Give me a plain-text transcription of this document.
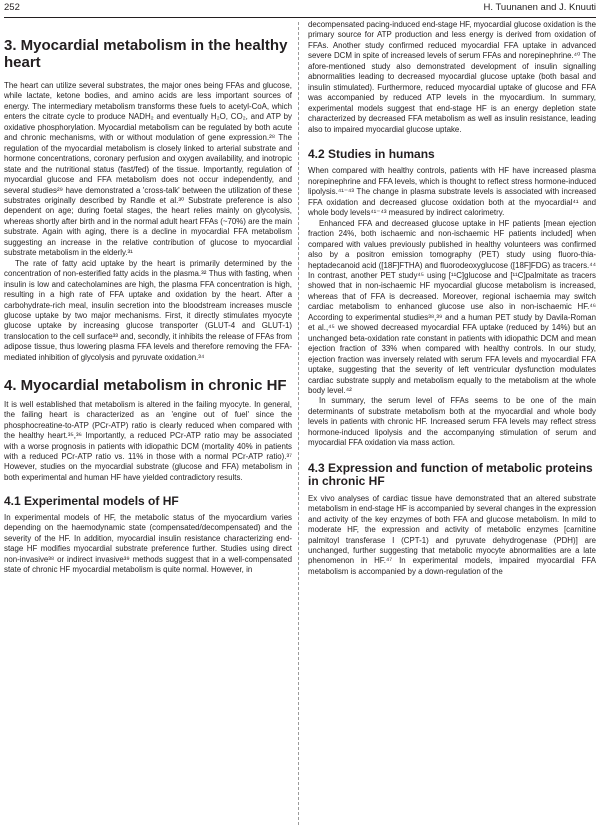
252	H. Tuunanen and J. Knuuti
3. Myocardial metabolism in the healthy heart

The heart can utilize several substrates, the major ones being FFAs and glucose, while lactate, ketone bodies, and amino acids are less important sources of energy. The intermediary metabolism transforms these fuels to acetyl-CoA, which enters the citrate cycle to produce NADH₂ and eventually H₂O, CO₂, and ATP by oxidative phosphorylation. Myocardial metabolism can be regulated by both acute and chronic mechanisms, with or without modulation of gene expression.²⁸ The regulation of the myocardial metabolism is closely linked to arterial substrate and hormone concentrations, coronary perfusion and oxygen availability, and inotropic state and the nutritional status (fast/fed) of the tissue. Importantly, regulation of myocardial glucose and FFA metabolism does not occur independently, and several studies²⁹ have demonstrated a 'cross-talk' between the utilization of these substrates originally described by Randle et al.³⁰ Substrate preference is also dependent on age; during foetal stages, the heart relies mainly on glycolysis, whereas shortly after birth and in the normal adult heart FFAs (~70%) are the main substrate. Again with aging, there is a decline in myocardial FFA metabolism suggesting an increase in the relative contribution of glucose to myocardial substrate metabolism in the elderly.³¹

The rate of fatty acid uptake by the heart is primarily determined by the concentration of non-esterified fatty acids in the plasma.³² Thus with fasting, when insulin is low and catecholamines are high, the plasma FFA concentration is high, resulting in a high rate of FFA uptake and oxidation by the heart. After a carbohydrate-rich meal, insulin secretion into the bloodstream increases muscle glucose uptake by two major mechanisms. First, it directly stimulates myocyte glucose uptake by increasing glucose transporter (GLUT-4 and GLUT-1) translocation to the cell surface³³ and, secondly, it inhibits the release of FFAs from adipose tissue, thus lowering plasma FFA levels and therefore removing the FFA-mediated inhibition of glycolysis and pyruvate oxidation.³⁴

4. Myocardial metabolism in chronic HF

It is well established that metabolism is altered in the failing myocyte. In general, the failing heart is characterized as an 'engine out of fuel' since the phosphocreatine-to-ATP (PCr-ATP) ratio is clearly reduced when compared with the healthy heart.³⁵,³⁶ Importantly, a reduced PCr-ATP ratio may be associated with a worse prognosis in patients with idiopathic DCM (mortality 40% in patients with a reduced PCr-ATP ratio vs. 11% in those with a normal PCr-ATP ratio).³⁷ However, studies on the myocardial substrate (glucose and FFA) metabolism in both experimental and human HF have yielded contradictory results.

4.1 Experimental models of HF

In experimental models of HF, the metabolic status of the myocardium varies depending on the haemodynamic state (compensated/decompensated) and the severity of the HF. In addition, myocardial insulin resistance characterizing end-stage HF modifies myocardial substrate preference further. Studies using direct non-invasive³⁸ or indirect invasive³⁹ methods suggest that in a well-compensated state of chronic HF myocardial metabolism is quite normal. However, in

decompensated pacing-induced end-stage HF, myocardial glucose oxidation is the primary source for ATP production and less energy is derived from oxidation of FFAs. Another study confirmed reduced myocardial FFA uptake in advanced severe DCM in spite of increased levels of serum FFAs and norepinephrine.⁴⁰ The afore-mentioned study also demonstrated development of insulin signalling abnormalities leading to decreased myocardial glucose uptake (both basal and insulin stimulated). Furthermore, reduced myocardial uptake of glucose and FFA was accompanied by reduced ATP levels in the myocardium. In summary, experimental models suggest that end-stage HF is an energy depletion state characterized by decreased FFA metabolism as well as insulin resistance, leading also to impaired myocardial glucose uptake.

4.2 Studies in humans

When compared with healthy controls, patients with HF have increased plasma norepinephrine and FFA levels, which is thought to reflect stress hormone-induced lipolysis.⁴¹⁻⁴³ The change in plasma substrate levels is associated with increased FFA oxidation and decreased glucose oxidation both at the myocardial⁴¹ and whole body levels⁴¹⁻⁴³ measured by indirect calorimetry.

Enhanced FFA and decreased glucose uptake in HF patients [mean ejection fraction 24%, both ischaemic and non-ischaemic HF patients included] when compared with values previously published in healthy volunteers was confirmed also by a positron emission tomography (PET) study using fluoro-thia-heptadecanoid acid ([18F]FTHA) and fluorodeoxyglucose ([18F]FDG) as tracers.⁴⁴ In contrast, another PET study⁴⁵ using [¹¹C]glucose and [¹¹C]palmitate as tracers showed that in non-ischaemic HF myocardial glucose metabolism is increased, whereas that of FFA is decreased. Moreover, regional ischaemia may switch cardiac metabolism to enhanced glucose use also in non-ischaemic HF.⁴⁶ According to experimental studies³⁸,³⁹ and a human PET study by Davila-Roman et al.,⁴⁵ we showed decreased myocardial FFA uptake (reduced by 14%) but an unchanged beta-oxidation rate constant in patients with idiopathic DCM and mean ejection fraction of 33% when compared with healthy controls. In our study, ejection fraction was inversely related with serum FFA levels and myocardial FFA uptake, suggesting that the severity of left ventricular dysfunction modulates cardiac substrate supply and metabolism equally to the metabolism at the whole body level.⁴²

In summary, the serum level of FFAs seems to be one of the main determinants of substrate metabolism both at the myocardial and whole body levels in patients with chronic HF. Increased serum FFA levels may reflect stress hormone-induced lipolysis and the accompanying stimulation of serum and myocardial FFA oxidation via mass action.

4.3 Expression and function of metabolic proteins in chronic HF

Ex vivo analyses of cardiac tissue have demonstrated that an altered substrate metabolism in end-stage HF is accompanied by several changes in the expression and activity of the key enzymes of both FFA and glucose metabolism. In mild to moderate HF, the expression and activity of metabolic enzymes [carnitine palmitoyl transferase I (CPT-1) and pyruvate dehydrogenase (PDH)] are unchanged, further suggesting that metabolic myocyte abnormalities are a late phenomenon in HF.⁴⁷ In experimental models, impaired myocardial FFA metabolism is accompanied by a down-regulation of the
